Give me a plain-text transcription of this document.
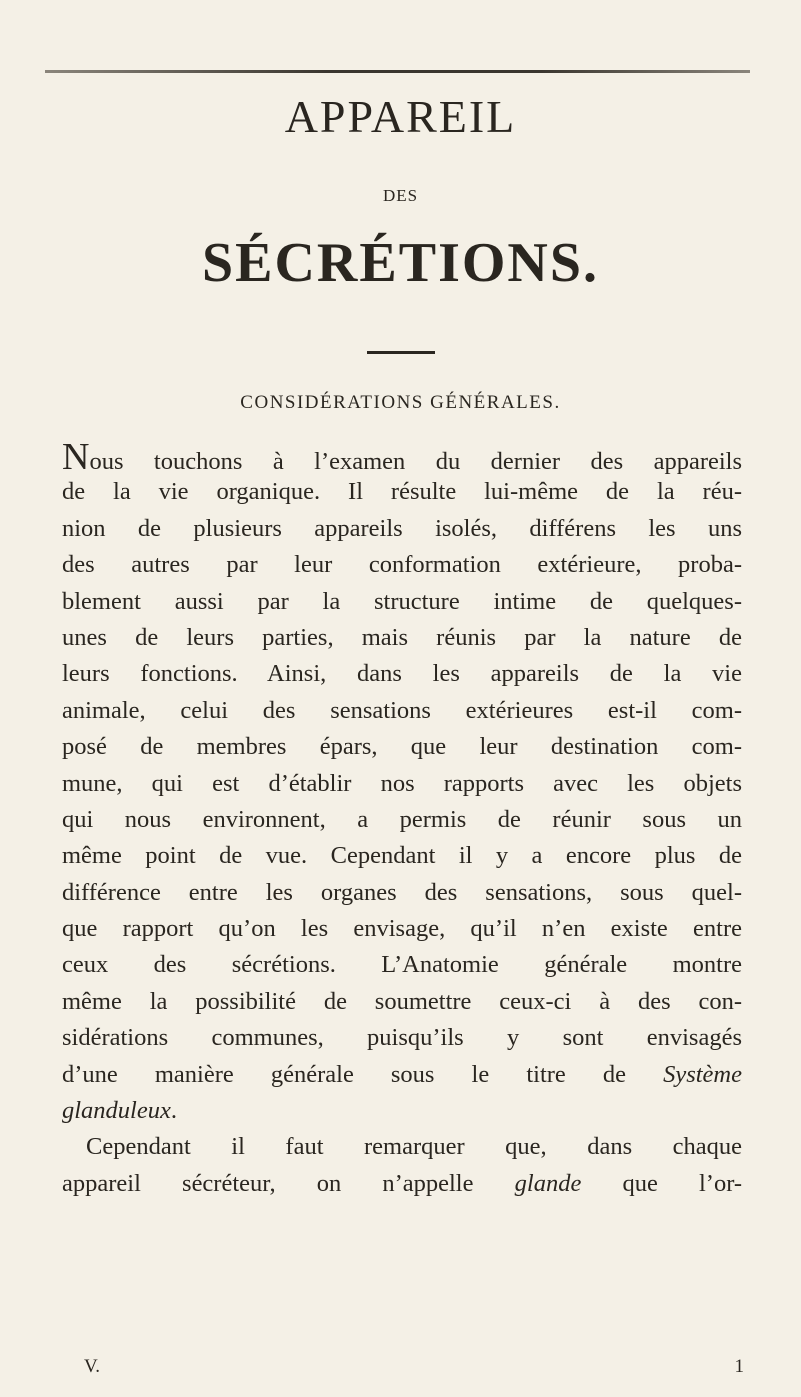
APPAREIL
DES
SÉCRÉTIONS.
CONSIDÉRATIONS GÉNÉRALES.
Nous touchons à l’examen du dernier des appareils
de la vie organique. Il résulte lui-même de la réu-
nion de plusieurs appareils isolés, différens les uns
des autres par leur conformation extérieure, proba-
blement aussi par la structure intime de quelques-
unes de leurs parties, mais réunis par la nature de
leurs fonctions. Ainsi, dans les appareils de la vie
animale, celui des sensations extérieures est-il com-
posé de membres épars, que leur destination com-
mune, qui est d’établir nos rapports avec les objets
qui nous environnent, a permis de réunir sous un
même point de vue. Cependant il y a encore plus de
différence entre les organes des sensations, sous quel-
que rapport qu’on les envisage, qu’il n’en existe entre
ceux des sécrétions. L’Anatomie générale montre
même la possibilité de soumettre ceux-ci à des con-
sidérations communes, puisqu’ils y sont envisagés
d’une manière générale sous le titre de Système
glanduleux.
Cependant il faut remarquer que, dans chaque
appareil sécréteur, on n’appelle glande que l’or-
V.	1
